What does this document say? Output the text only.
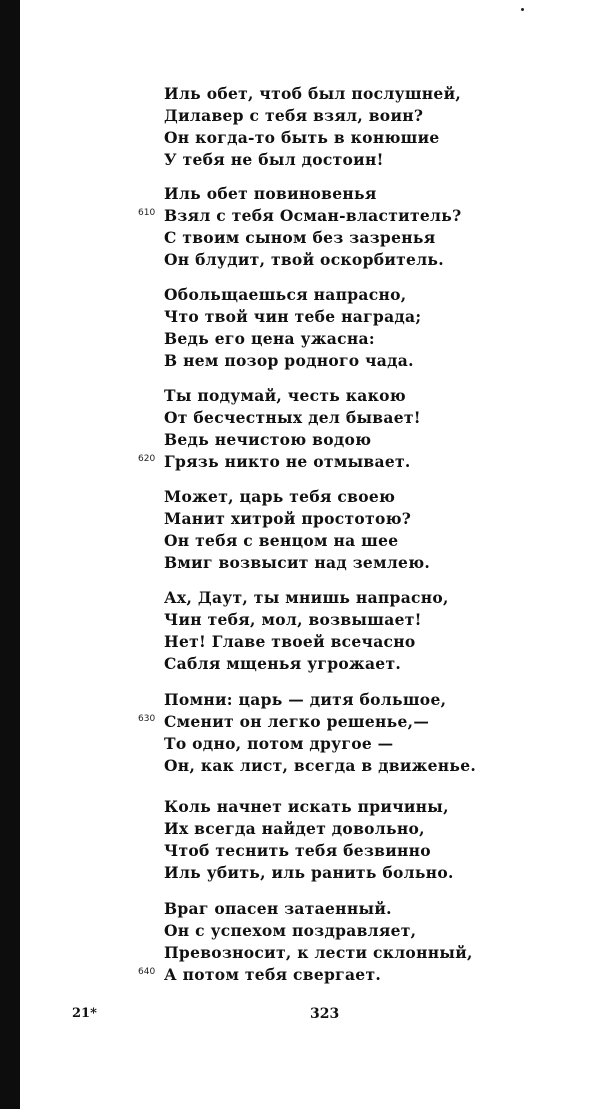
Иль обет, чтоб был послушней,
Дилавер с тебя взял, воин?
Он когда-то быть в конюшие
У тебя не был достоин!
Иль обет повиновенья
Взял с тебя Осман-властитель?
610
С твоим сыном без зазренья
Он блудит, твой оскорбитель.
Обольщаешься напрасно,
Что твой чин тебе награда;
Ведь его цена ужасна:
В нем позор родного чада.
Ты подумай, честь какою
От бесчестных дел бывает!
Ведь нечистою водою
Грязь никто не отмывает.
620
Может, царь тебя своею
Манит хитрой простотою?
Он тебя с венцом на шее
Вмиг возвысит над землею.
Ах, Даут, ты мнишь напрасно,
Чин тебя, мол, возвышает!
Нет! Главе твоей всечасно
Сабля мщенья угрожает.
Помни: царь — дитя большое,
Сменит он легко решенье,—
630
То одно, потом другое —
Он, как лист, всегда в движенье.
Коль начнет искать причины,
Их всегда найдет довольно,
Чтоб теснить тебя безвинно
Иль убить, иль ранить больно.
Враг опасен затаенный.
Он с успехом поздравляет,
Превозносит, к лести склонный,
А потом тебя свергает.
640
21*	323
